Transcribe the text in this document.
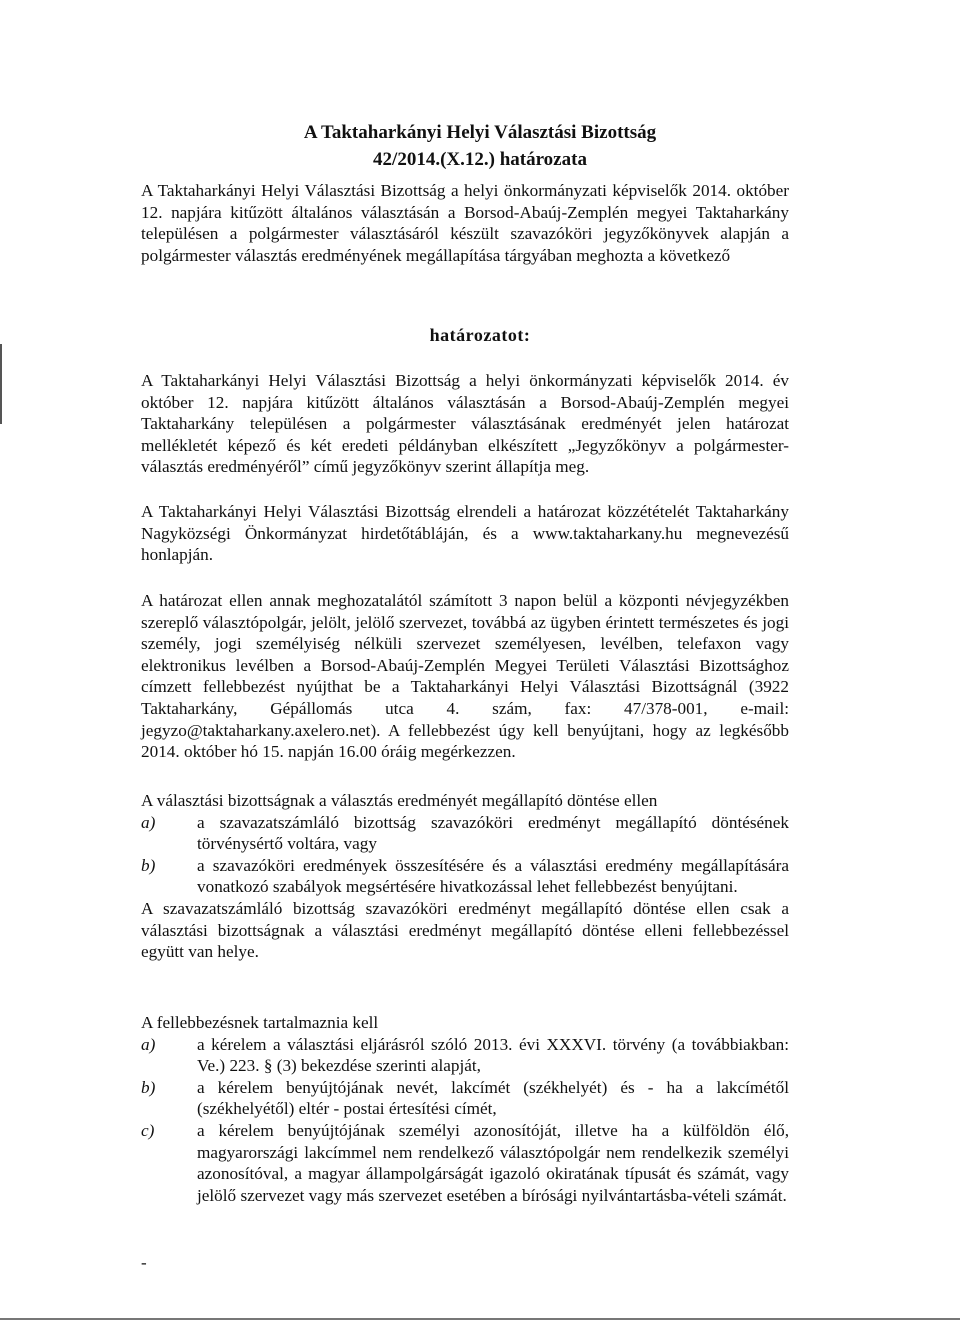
A Taktaharkányi Helyi Választási Bizottság
42/2014.(X.12.) határozata

A Taktaharkányi Helyi Választási Bizottság a helyi önkormányzati képviselők 2014. október 12. napjára kitűzött általános választásán a Borsod-Abaúj-Zemplén megyei Taktaharkány településen a polgármester választásáról készült szavazóköri jegyzőkönyvek alapján a polgármester választás eredményének megállapítása tárgyában meghozta a következő

határozatot:

A Taktaharkányi Helyi Választási Bizottság a helyi önkormányzati képviselők 2014. év október 12. napjára kitűzött általános választásán a Borsod-Abaúj-Zemplén megyei Taktaharkány településen a polgármester választásának eredményét jelen határozat mellékletét képező és két eredeti példányban elkészített „Jegyzőkönyv a polgármester-választás eredményéről” című jegyzőkönyv szerint állapítja meg.

A Taktaharkányi Helyi Választási Bizottság elrendeli a határozat közzétételét Taktaharkány Nagyközségi Önkormányzat hirdetőtábláján, és a www.taktaharkany.hu megnevezésű honlapján.

A határozat ellen annak meghozatalától számított 3 napon belül a központi névjegyzékben szereplő választópolgár, jelölt, jelölő szervezet, továbbá az ügyben érintett természetes és jogi személy, jogi személyiség nélküli szervezet személyesen, levélben, telefaxon vagy elektronikus levélben a Borsod-Abaúj-Zemplén Megyei Területi Választási Bizottsághoz címzett fellebbezést nyújthat be a Taktaharkányi Helyi Választási Bizottságnál (3922 Taktaharkány, Gépállomás utca 4. szám, fax: 47/378-001, e-mail: jegyzo@taktaharkany.axelero.net). A fellebbezést úgy kell benyújtani, hogy az legkésőbb 2014. október hó 15. napján 16.00 óráig megérkezzen.

A választási bizottságnak a választás eredményét megállapító döntése ellen
a)	a szavazatszámláló bizottság szavazóköri eredményt megállapító döntésének törvénysértő voltára, vagy
b)	a szavazóköri eredmények összesítésére és a választási eredmény megállapítására vonatkozó szabályok megsértésére hivatkozással lehet fellebbezést benyújtani.
A szavazatszámláló bizottság szavazóköri eredményt megállapító döntése ellen csak a választási bizottságnak a választási eredményt megállapító döntése elleni fellebbezéssel együtt van helye.
A fellebbezésnek tartalmaznia kell
a)	a kérelem a választási eljárásról szóló 2013. évi XXXVI. törvény (a továbbiakban: Ve.) 223. § (3) bekezdése szerinti alapját,
b)	a kérelem benyújtójának nevét, lakcímét (székhelyét) és - ha a lakcímétől (székhelyétől) eltér - postai értesítési címét,
c)	a kérelem benyújtójának személyi azonosítóját, illetve ha a külföldön élő, magyarországi lakcímmel nem rendelkező választópolgár nem rendelkezik személyi azonosítóval, a magyar állampolgárságát igazoló okiratának típusát és számát, vagy jelölő szervezet vagy más szervezet esetében a bírósági nyilvántartásba-vételi számát.
-
